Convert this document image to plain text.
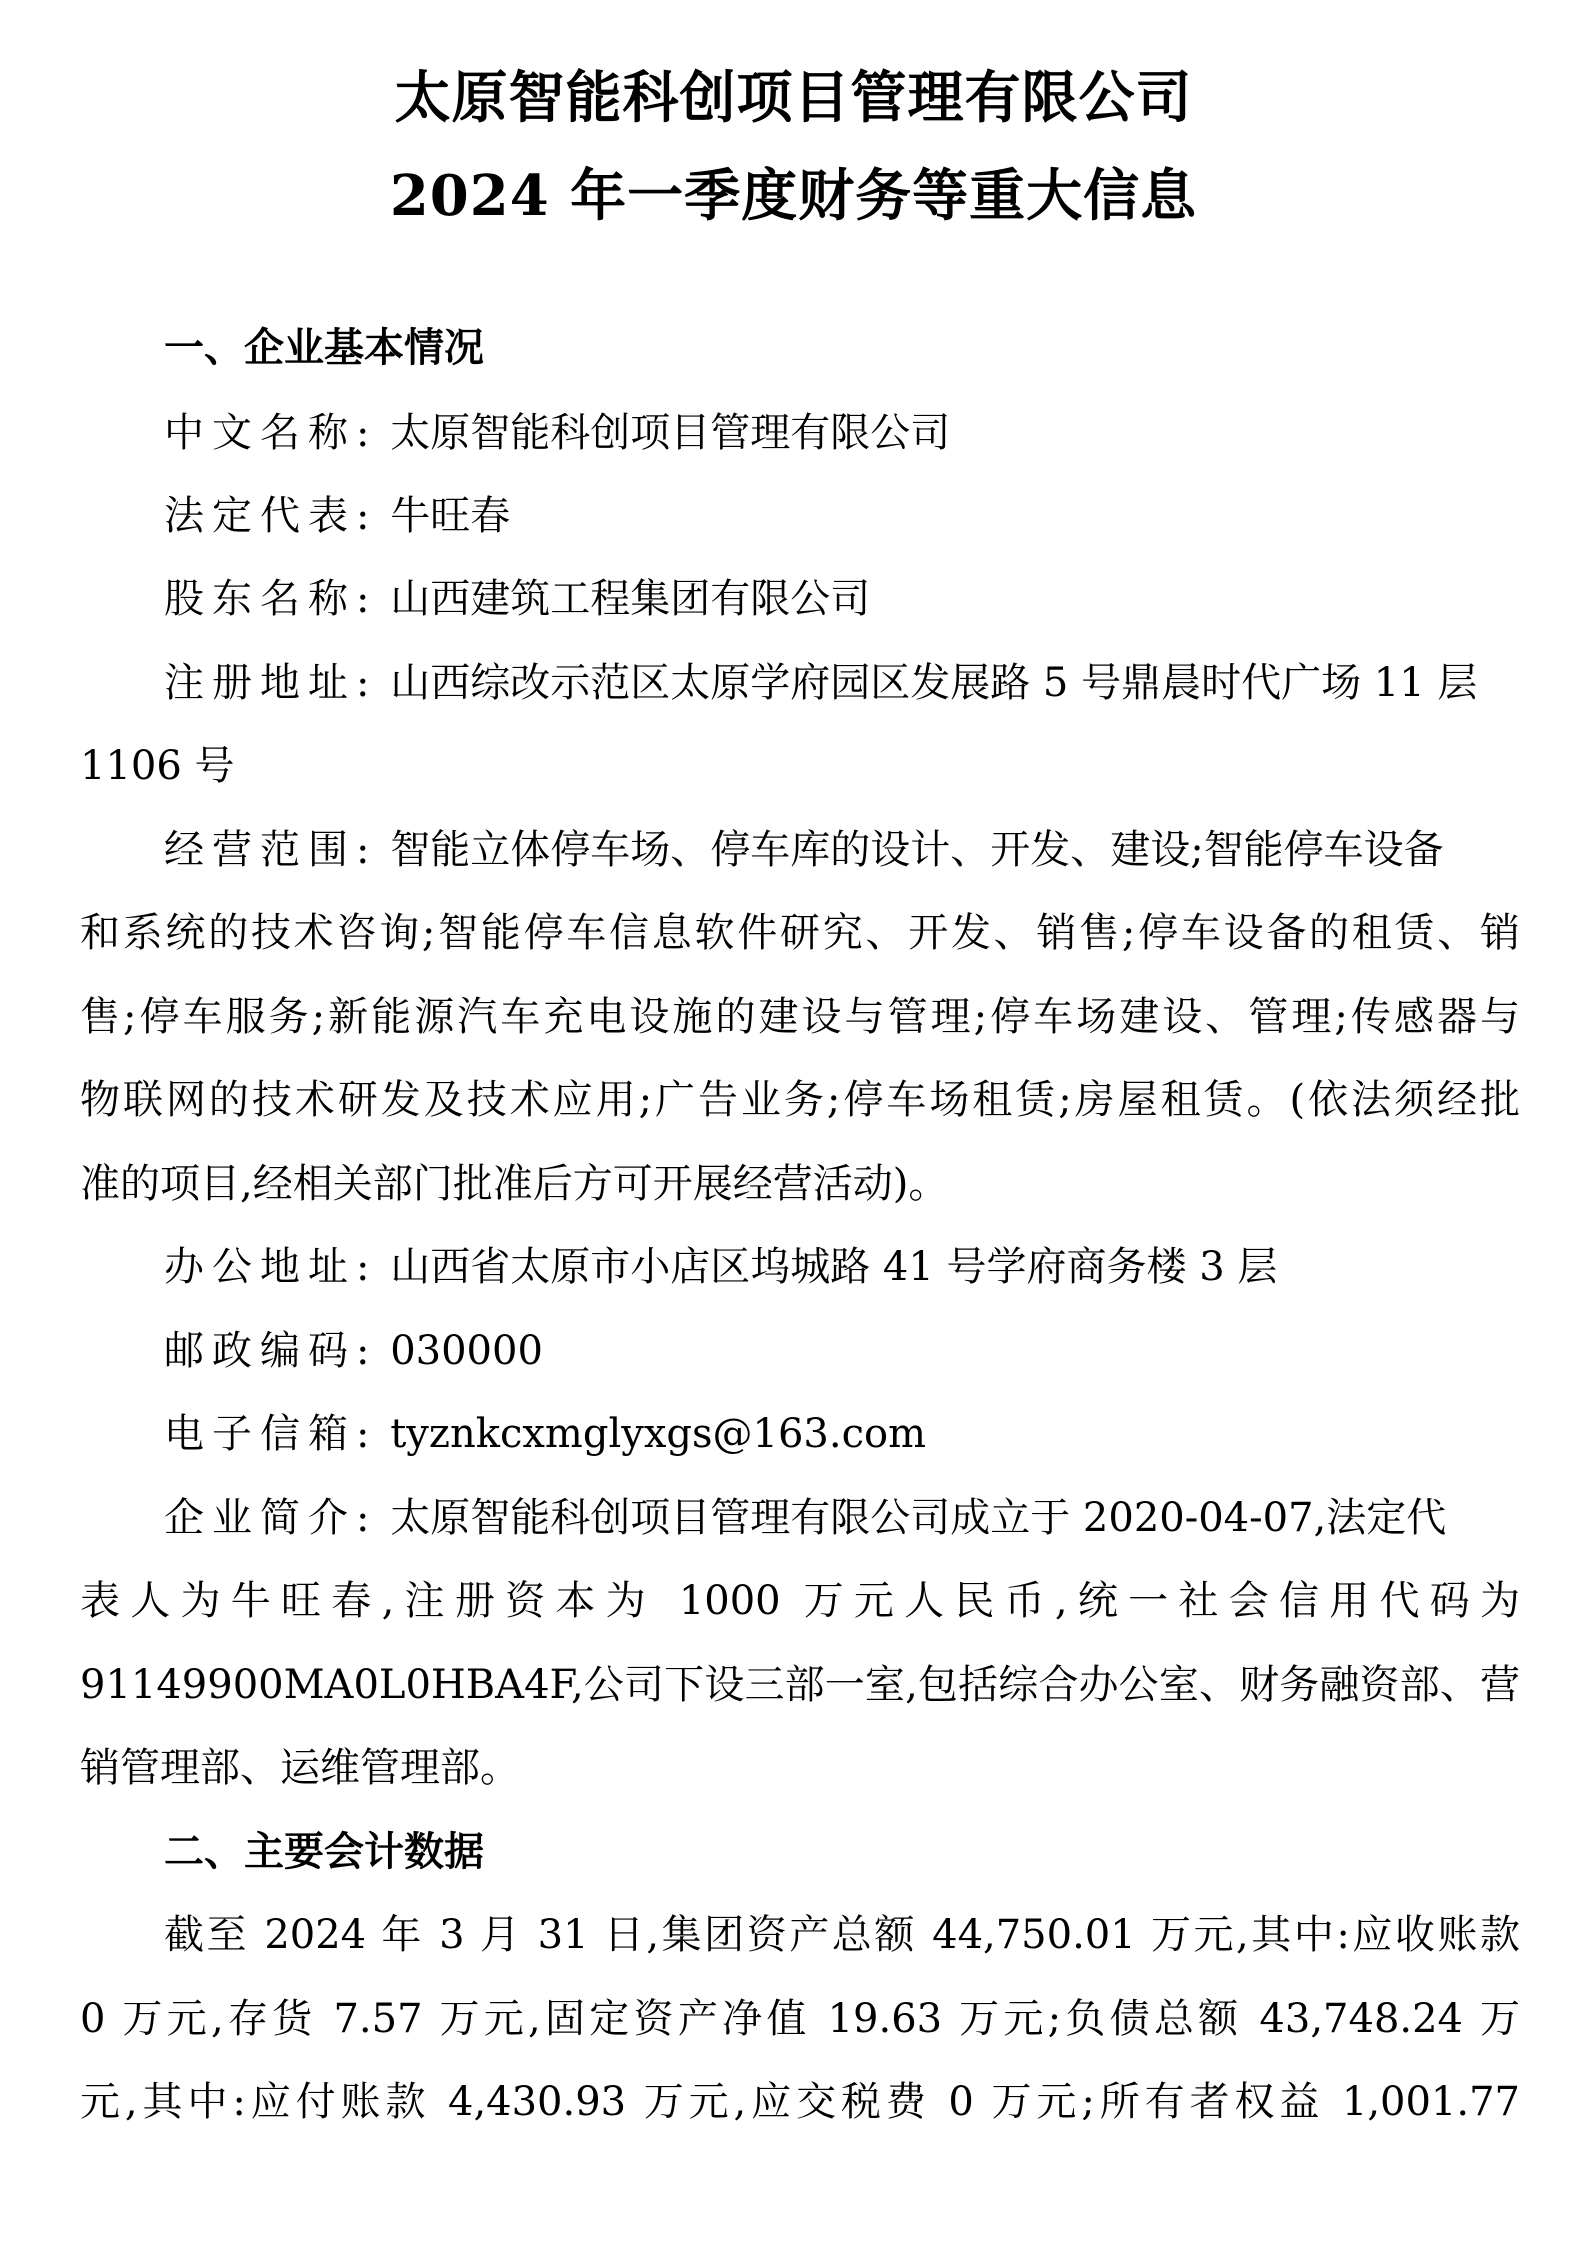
太原智能科创项目管理有限公司
2024 年一季度财务等重大信息

一、企业基本情况

中文名称: 太原智能科创项目管理有限公司

法定代表: 牛旺春

股东名称: 山西建筑工程集团有限公司

注册地址: 山西综改示范区太原学府园区发展路 5 号鼎晨时代广场 11 层

1106 号

经营范围: 智能立体停车场、停车库的设计、开发、建设;智能停车设备

和系统的技术咨询;智能停车信息软件研究、开发、销售;停车设备的租赁、销

售;停车服务;新能源汽车充电设施的建设与管理;停车场建设、管理;传感器与

物联网的技术研发及技术应用;广告业务;停车场租赁;房屋租赁。(依法须经批

准的项目,经相关部门批准后方可开展经营活动)。

办公地址: 山西省太原市小店区坞城路 41 号学府商务楼 3 层

邮政编码: 030000

电子信箱: tyznkcxmglyxgs@163.com

企业简介: 太原智能科创项目管理有限公司成立于 2020-04-07,法定代

表人为牛旺春,注册资本为 1000 万元人民币,统一社会信用代码为

91149900MA0L0HBA4F,公司下设三部一室,包括综合办公室、财务融资部、营

销管理部、运维管理部。

二、主要会计数据

截至 2024 年 3 月 31 日,集团资产总额 44,750.01 万元,其中:应收账款

0 万元,存货 7.57 万元,固定资产净值 19.63 万元;负债总额 43,748.24 万

元,其中:应付账款 4,430.93 万元,应交税费 0 万元;所有者权益 1,001.77
